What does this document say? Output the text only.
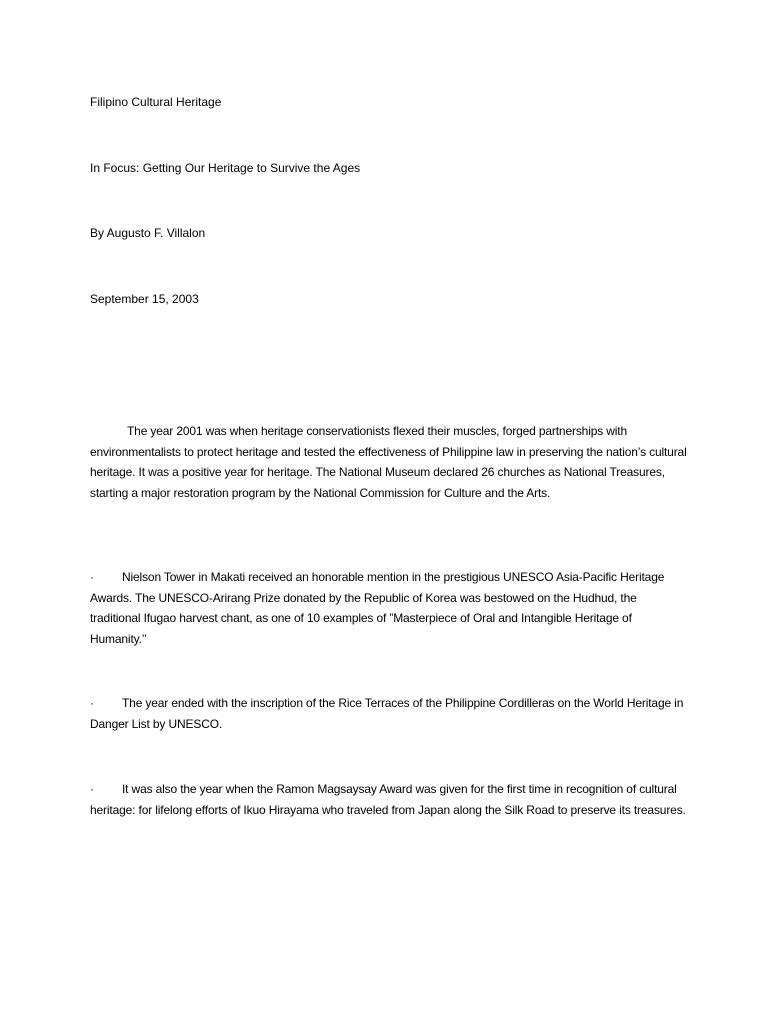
Filipino Cultural Heritage
In Focus: Getting Our Heritage to Survive the Ages
By Augusto F. Villalon
September 15, 2003
The year 2001 was when heritage conservationists flexed their muscles, forged partnerships with environmentalists to protect heritage and tested the effectiveness of Philippine law in preserving the nation’s cultural heritage. It was a positive year for heritage. The National Museum declared 26 churches as National Treasures, starting a major restoration program by the National Commission for Culture and the Arts.
· Nielson Tower in Makati received an honorable mention in the prestigious UNESCO Asia-Pacific Heritage Awards. The UNESCO-Arirang Prize donated by the Republic of Korea was bestowed on the Hudhud, the traditional Ifugao harvest chant, as one of 10 examples of ”Masterpiece of Oral and Intangible Heritage of Humanity.’’
· The year ended with the inscription of the Rice Terraces of the Philippine Cordilleras on the World Heritage in Danger List by UNESCO.
· It was also the year when the Ramon Magsaysay Award was given for the first time in recognition of cultural heritage: for lifelong efforts of Ikuo Hirayama who traveled from Japan along the Silk Road to preserve its treasures.
